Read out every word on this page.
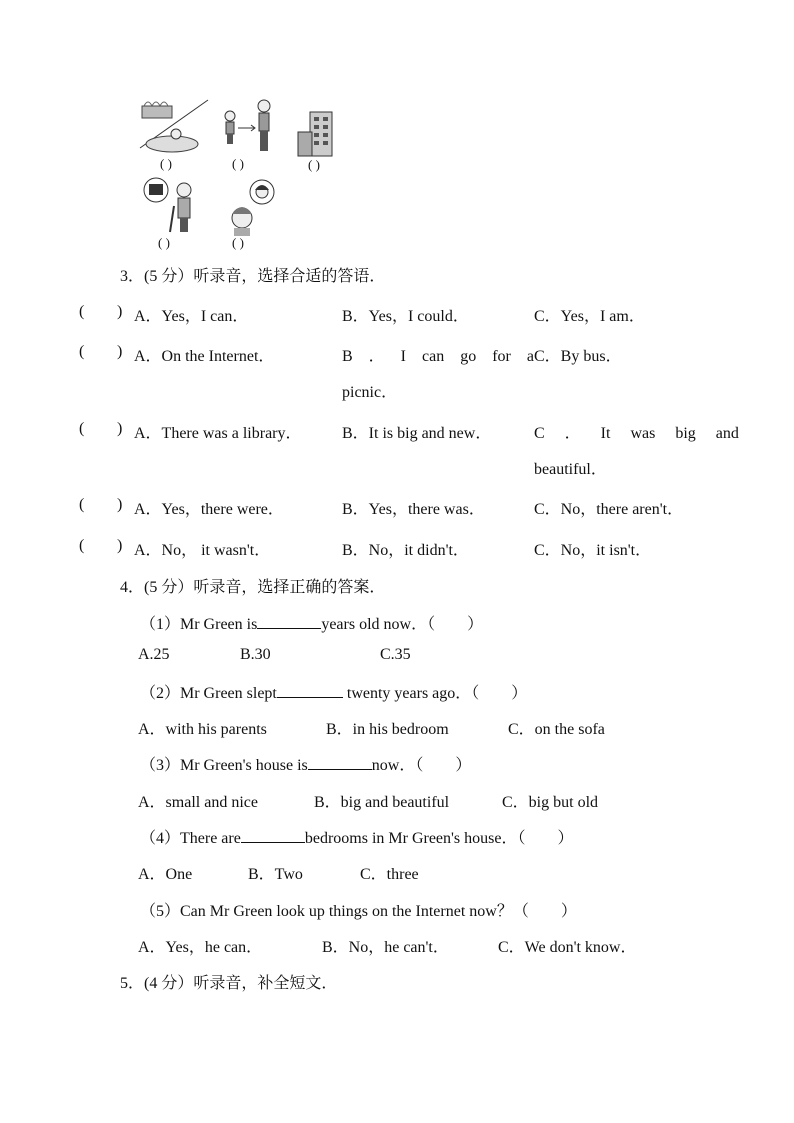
( )	( )	( )
( )	( )
3．(5 分）听录音，选择合适的答语．
( ) A．Yes，I can．	B．Yes，I could．	C．Yes，I am．
( ) A．On the Internet．	B ． I can go for a
picnic．
C．By bus．
( ) A．There was a library．	B．It is big and new．	C ． It was big and
beautiful．
( ) A．Yes，there were．	B．Yes，there was．	C．No，there aren't．
( ) A．No， it wasn't．	B．No，it didn't．	C．No，it isn't．
4．(5 分）听录音，选择正确的答案．
（1）Mr Green is	years old now．（　　）
A.25	B.30	C.35
（2）Mr Green slept	twenty years ago．（　　）
A．with his parents	B．in his bedroom	C．on the sofa
（3）Mr Green's house is	now．（　　）
A．small and nice	B．big and beautiful	C．big but old
（4）There are	bedrooms in Mr Green's house．（　　）
A．One	B．Two	C．three
（5）Can Mr Green look up things on the Internet now？（　　）
A．Yes，he can．	B．No，he can't．	C．We don't know．
5．(4 分）听录音，补全短文．
